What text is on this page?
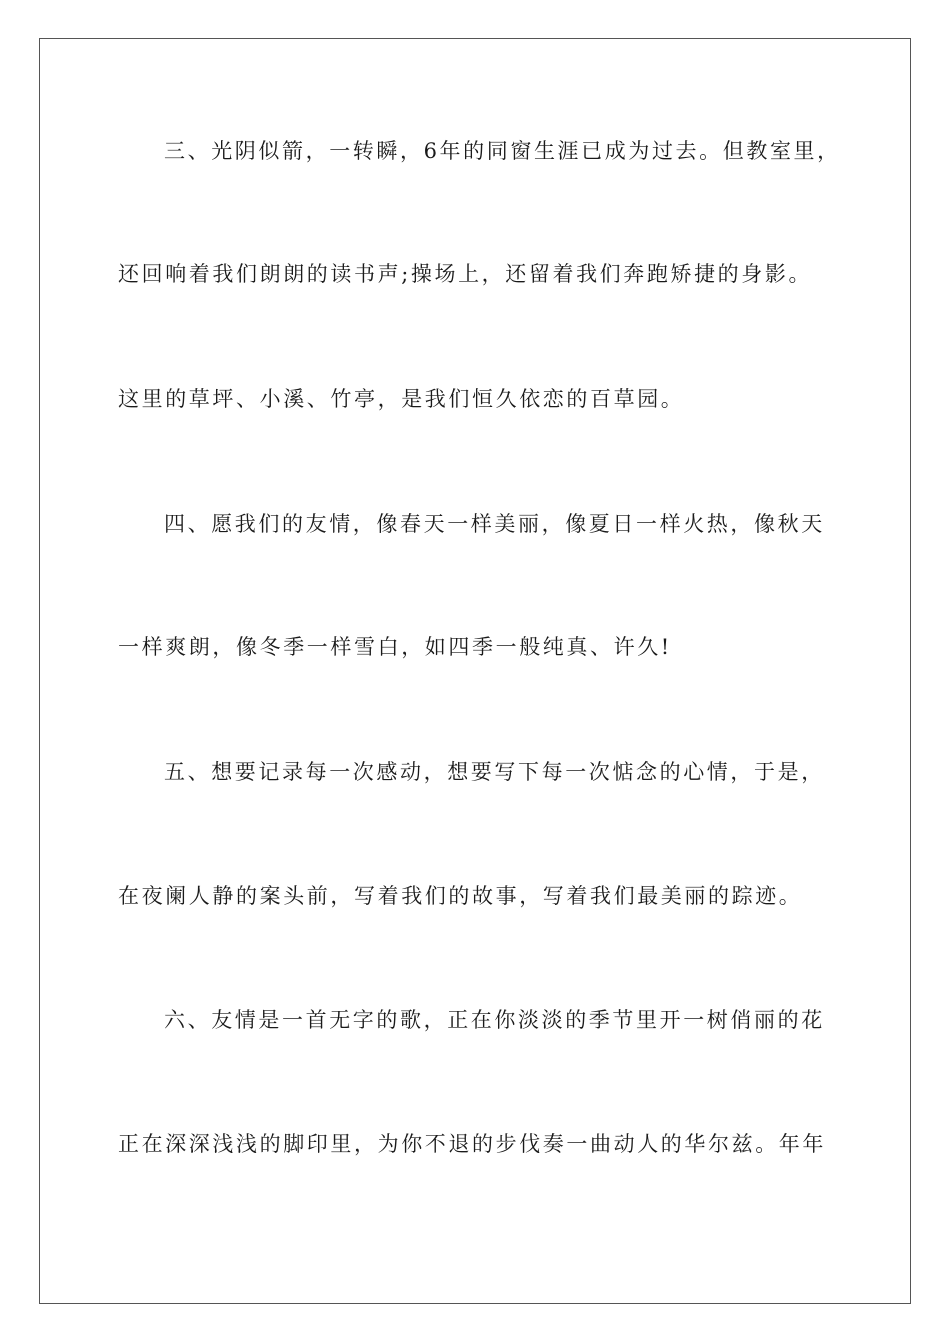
三、光阴似箭，一转瞬，6年的同窗生涯已成为过去。但教室里，
还回响着我们朗朗的读书声;操场上，还留着我们奔跑矫捷的身影。
这里的草坪、小溪、竹亭，是我们恒久依恋的百草园。
四、愿我们的友情，像春天一样美丽，像夏日一样火热，像秋天
一样爽朗，像冬季一样雪白，如四季一般纯真、许久!
五、想要记录每一次感动，想要写下每一次惦念的心情，于是，
在夜阑人静的案头前，写着我们的故事，写着我们最美丽的踪迹。
六、友情是一首无字的歌，正在你淡淡的季节里开一树俏丽的花
正在深深浅浅的脚印里，为你不退的步伐奏一曲动人的华尔兹。年年
